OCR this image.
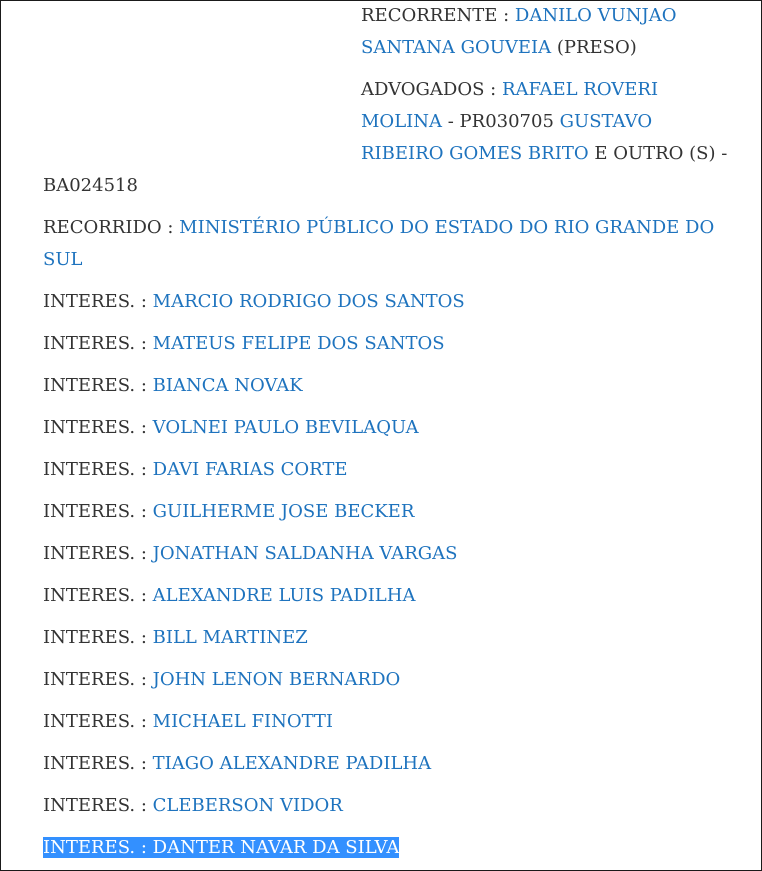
RECORRENTE : DANILO VUNJAO SANTANA GOUVEIA (PRESO)

ADVOGADOS : RAFAEL ROVERI MOLINA - PR030705 GUSTAVO RIBEIRO GOMES BRITO E OUTRO (S) - BA024518

RECORRIDO : MINISTÉRIO PÚBLICO DO ESTADO DO RIO GRANDE DO SUL

INTERES. : MARCIO RODRIGO DOS SANTOS

INTERES. : MATEUS FELIPE DOS SANTOS

INTERES. : BIANCA NOVAK

INTERES. : VOLNEI PAULO BEVILAQUA

INTERES. : DAVI FARIAS CORTE

INTERES. : GUILHERME JOSE BECKER

INTERES. : JONATHAN SALDANHA VARGAS

INTERES. : ALEXANDRE LUIS PADILHA

INTERES. : BILL MARTINEZ

INTERES. : JOHN LENON BERNARDO

INTERES. : MICHAEL FINOTTI

INTERES. : TIAGO ALEXANDRE PADILHA

INTERES. : CLEBERSON VIDOR

INTERES. : DANTER NAVAR DA SILVA
